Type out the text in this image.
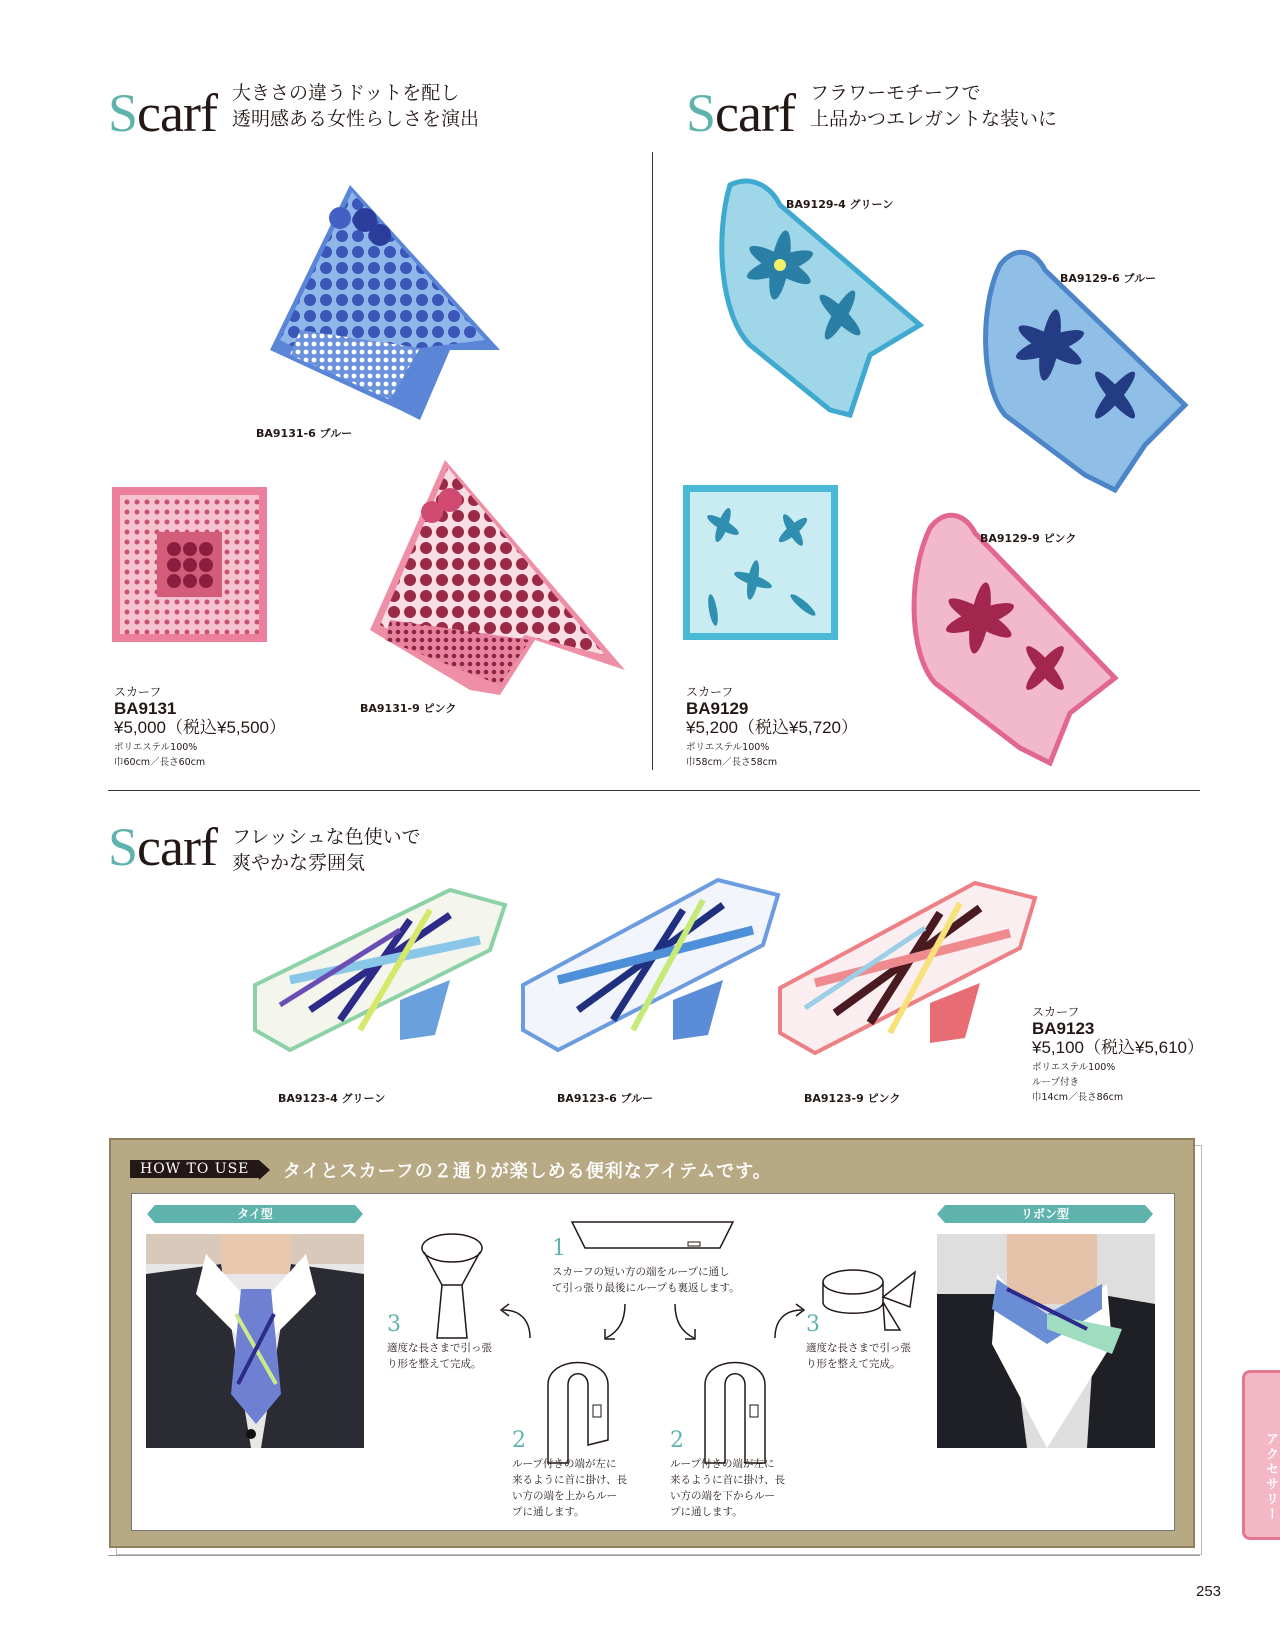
Scarf 大きさの違うドットを配し
透明感ある女性らしさを演出
BA9131-6 ブルー
BA9131-9 ピンク
スカーフ
BA9131
¥5,000（税込¥5,500）
ポリエステル100%
巾60cm／長さ60cm
Scarf フラワーモチーフで
上品かつエレガントな装いに
BA9129-4 グリーン
BA9129-6 ブルー
BA9129-9 ピンク
スカーフ
BA9129
¥5,200（税込¥5,720）
ポリエステル100%
巾58cm／長さ58cm
Scarf フレッシュな色使いで
爽やかな雰囲気
BA9123-4 グリーン	BA9123-6 ブルー	BA9123-9 ピンク
スカーフ
BA9123
¥5,100（税込¥5,610）
ポリエステル100%
ループ付き
巾14cm／長さ86cm
HOW TO USE	タイとスカーフの２通りが楽しめる便利なアイテムです。
タイ型	リボン型
1
スカーフの短い方の端をループに通し
て引っ張り最後にループも裏返します。
3
適度な長さまで引っ張
り形を整えて完成。
2
ループ付きの端が左に
来るように首に掛け、長
い方の端を上からルー
プに通します。
2
ループ付きの端が左に
来るように首に掛け、長
い方の端を下からルー
プに通します。
3
適度な長さまで引っ張
り形を整えて完成。
アクセサリー
253
